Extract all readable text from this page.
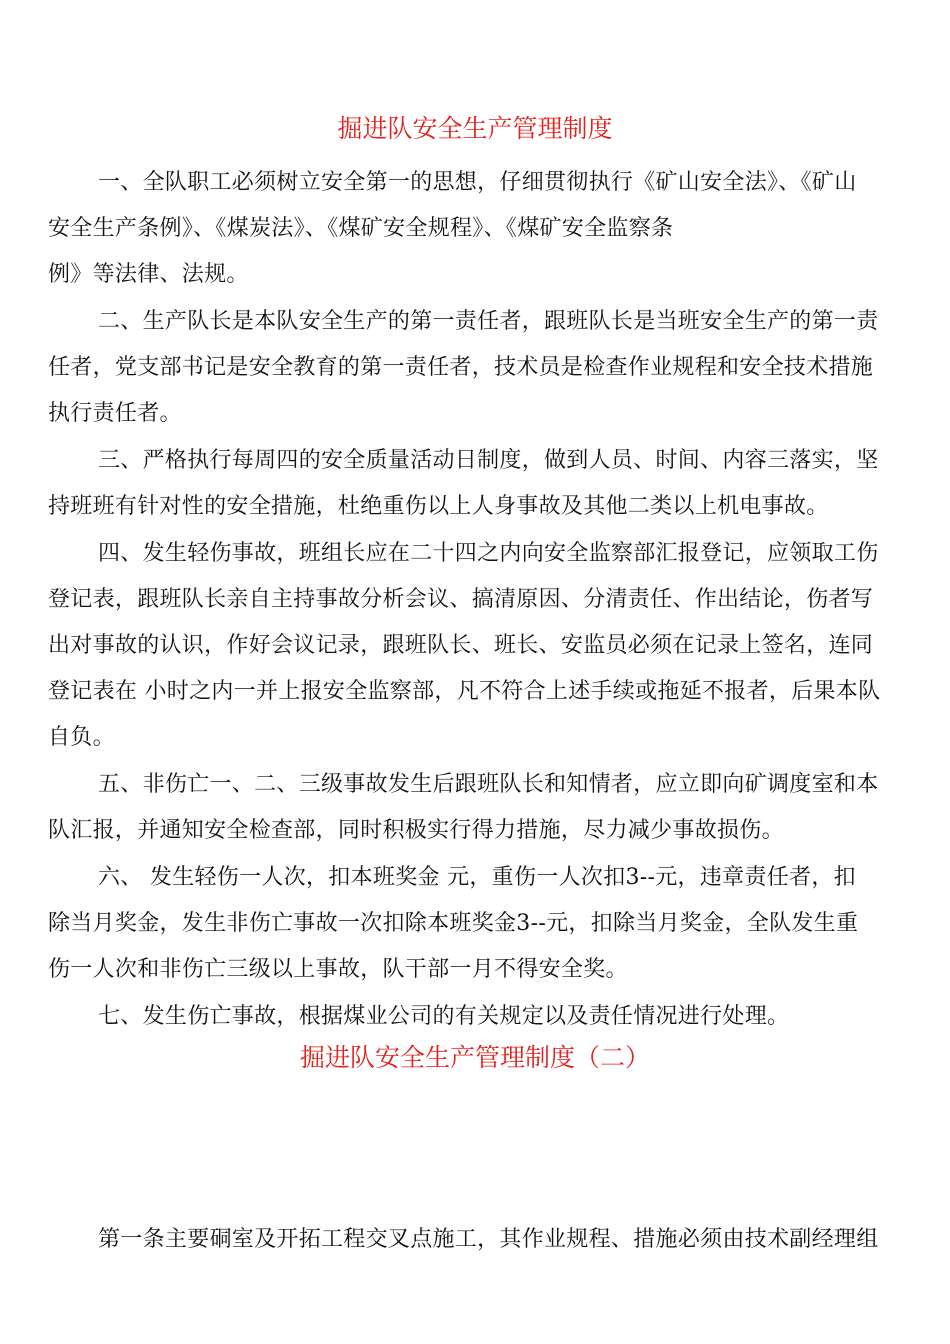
掘进队安全生产管理制度
一、全队职工必须树立安全第一的思想，仔细贯彻执行《矿山安全法》、《矿山
安全生产条例》、《煤炭法》、《煤矿安全规程》、《煤矿安全监察条
例》等法律、法规。
二、生产队长是本队安全生产的第一责任者，跟班队长是当班安全生产的第一责
任者，党支部书记是安全教育的第一责任者，技术员是检查作业规程和安全技术措施
执行责任者。
三、严格执行每周四的安全质量活动日制度，做到人员、时间、内容三落实，坚
持班班有针对性的安全措施，杜绝重伤以上人身事故及其他二类以上机电事故。
四、发生轻伤事故，班组长应在二十四之内向安全监察部汇报登记，应领取工伤
登记表，跟班队长亲自主持事故分析会议、搞清原因、分清责任、作出结论，伤者写
出对事故的认识，作好会议记录，跟班队长、班长、安监员必须在记录上签名，连同
登记表在 小时之内一并上报安全监察部，凡不符合上述手续或拖延不报者，后果本队
自负。
五、非伤亡一、二、三级事故发生后跟班队长和知情者，应立即向矿调度室和本
队汇报，并通知安全检查部，同时积极实行得力措施，尽力减少事故损伤。
六、 发生轻伤一人次，扣本班奖金 元，重伤一人次扣3--元，违章责任者，扣
除当月奖金，发生非伤亡事故一次扣除本班奖金3--元，扣除当月奖金，全队发生重
伤一人次和非伤亡三级以上事故，队干部一月不得安全奖。
七、发生伤亡事故，根据煤业公司的有关规定以及责任情况进行处理。
掘进队安全生产管理制度（二）
第一条主要硐室及开拓工程交叉点施工，其作业规程、措施必须由技术副经理组
